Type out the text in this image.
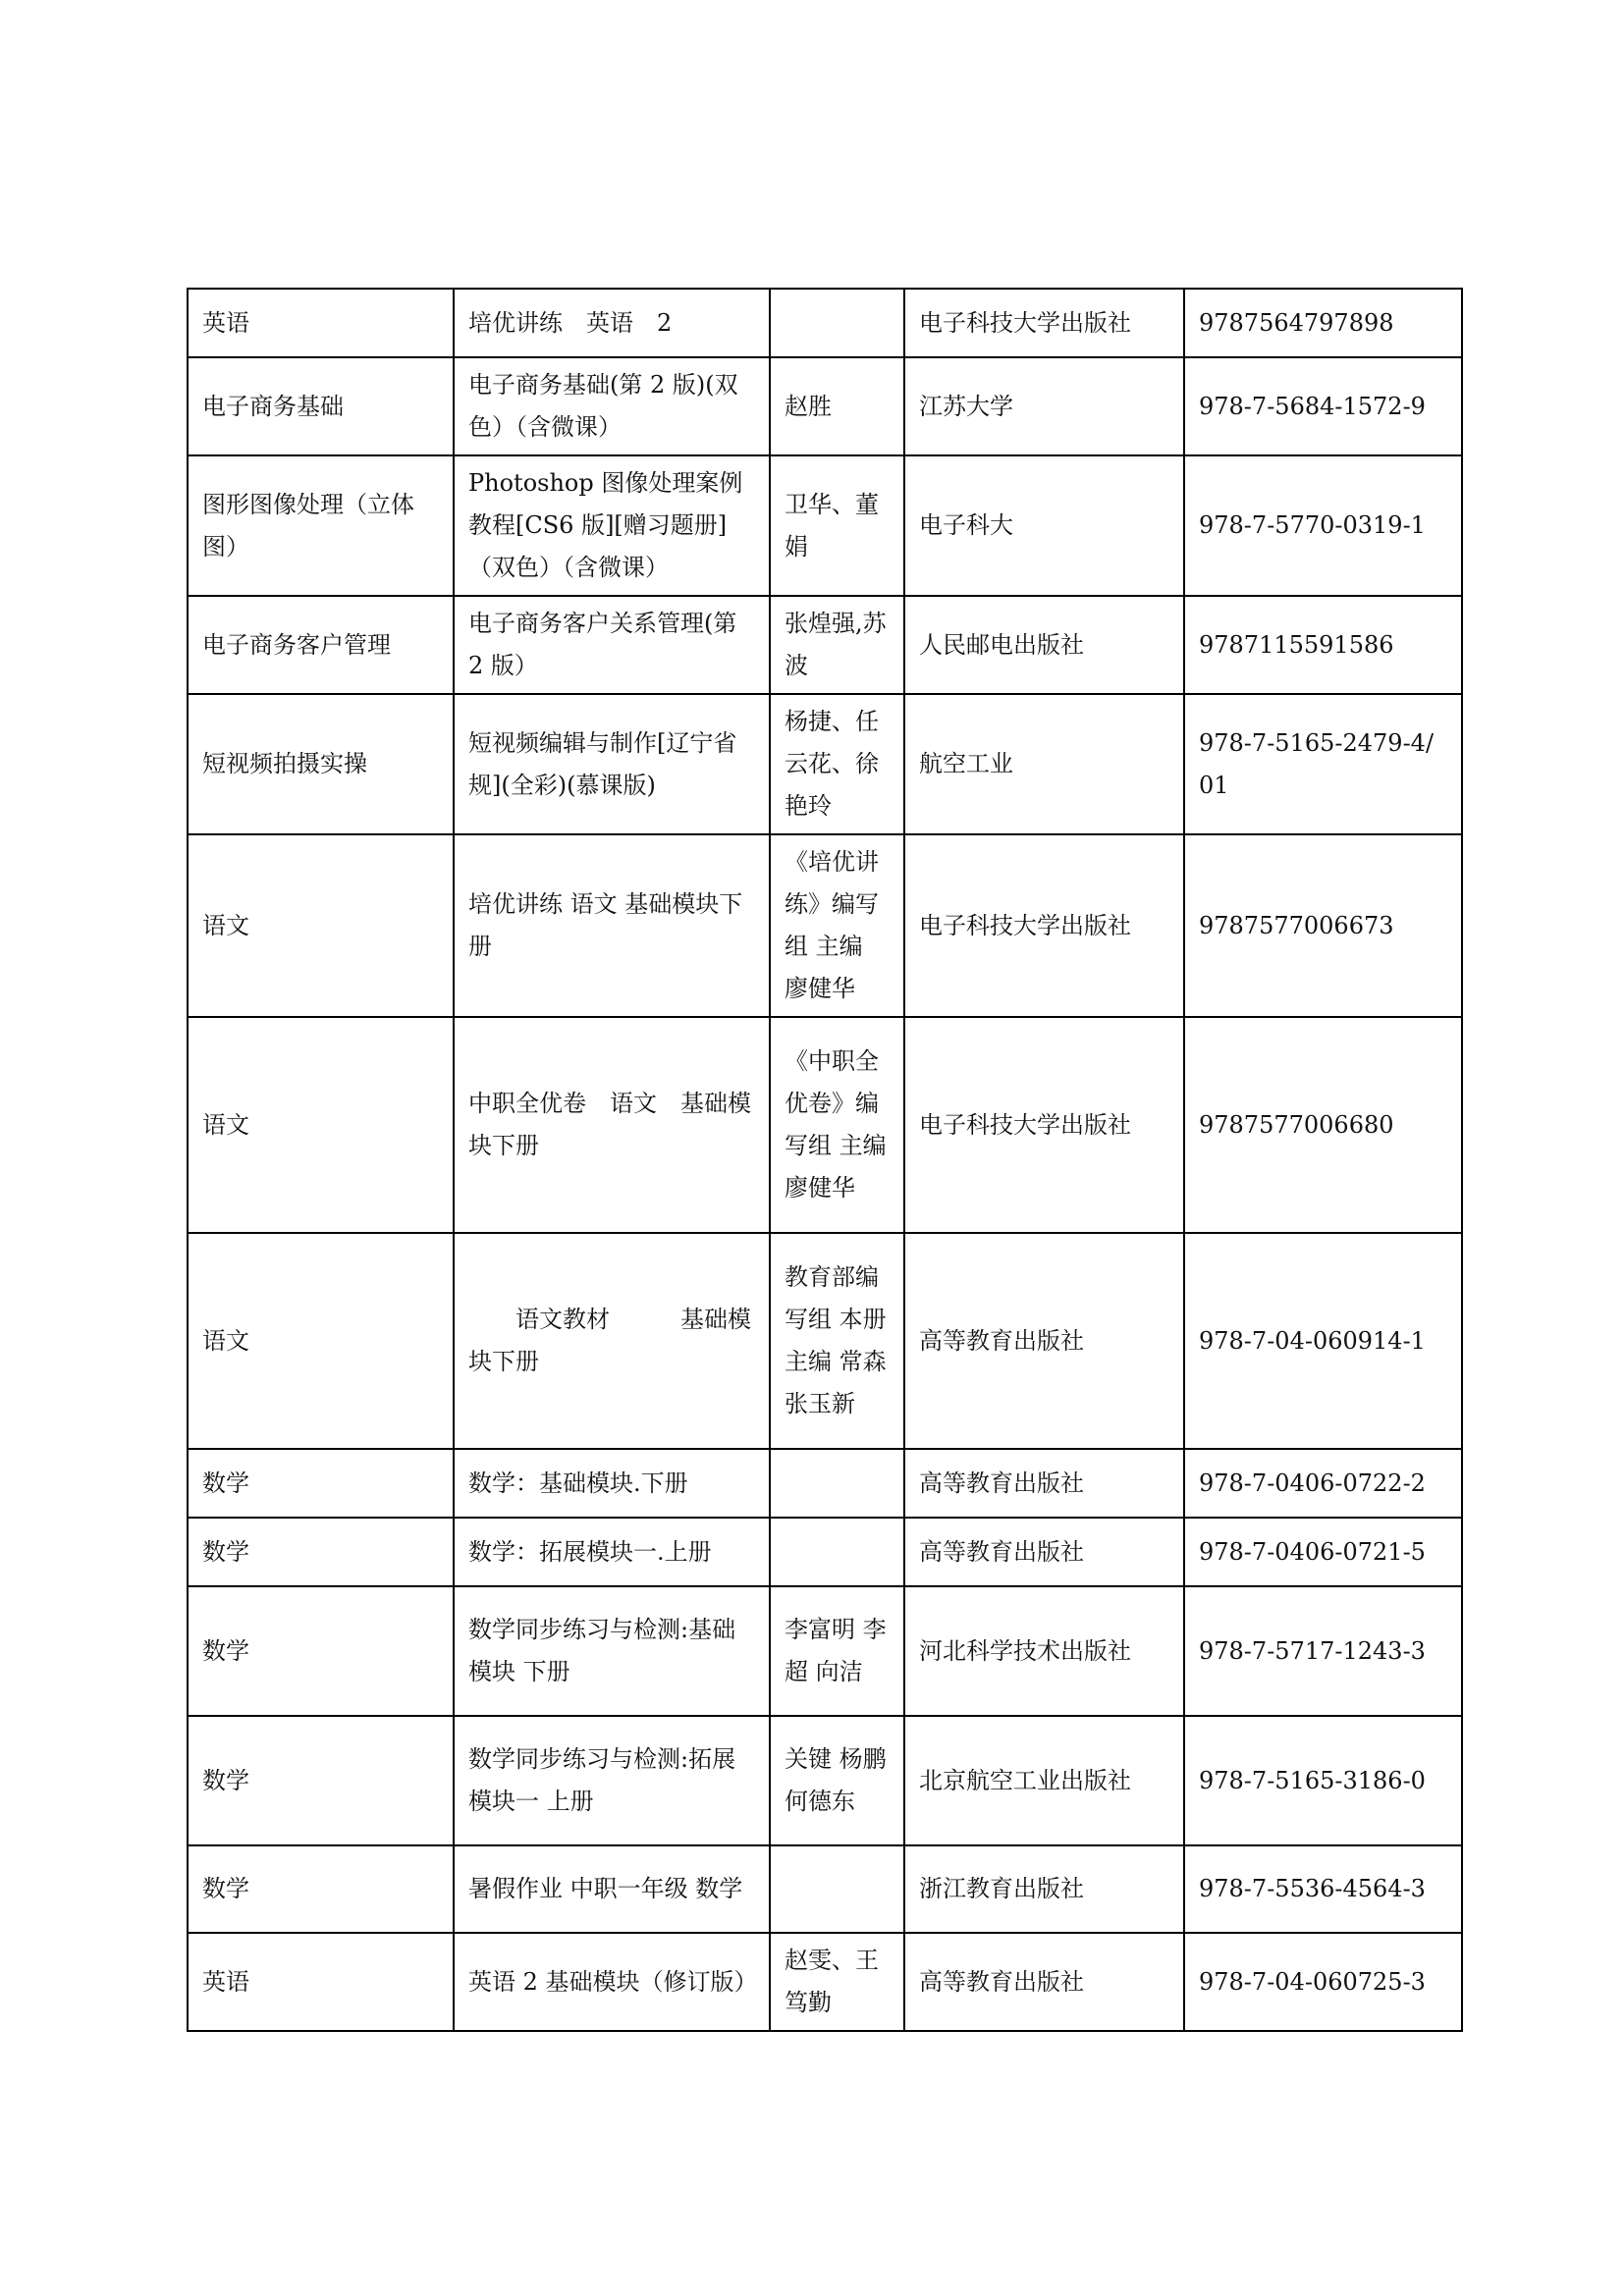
英语	培优讲练　英语　2		电子科技大学出版社	9787564797898
电子商务基础	电子商务基础(第 2 版)(双色）（含微课）	赵胜	江苏大学	978-7-5684-1572-9
图形图像处理（立体图）	Photoshop 图像处理案例教程[CS6 版][赠习题册]（双色）（含微课）	卫华、董娟	电子科大	978-7-5770-0319-1
电子商务客户管理	电子商务客户关系管理(第 2 版）	张煌强,苏波	人民邮电出版社	9787115591586
短视频拍摄实操	短视频编辑与制作[辽宁省规](全彩)(慕课版)	杨捷、任云花、徐艳玲	航空工业	978-7-5165-2479-4/01
语文	培优讲练 语文 基础模块下册	《培优讲练》编写组 主编 廖健华	电子科技大学出版社	9787577006673
语文	中职全优卷　语文　基础模块下册	《中职全优卷》编写组 主编 廖健华	电子科技大学出版社	9787577006680
语文	　　语文教材　　　基础模块下册	教育部编写组 本册主编 常森 张玉新	高等教育出版社	978-7-04-060914-1
数学	数学：基础模块.下册		高等教育出版社	978-7-0406-0722-2
数学	数学：拓展模块一.上册		高等教育出版社	978-7-0406-0721-5
数学	数学同步练习与检测:基础模块 下册	李富明 李超 向洁	河北科学技术出版社	978-7-5717-1243-3
数学	数学同步练习与检测:拓展模块一 上册	关键 杨鹏 何德东	北京航空工业出版社	978-7-5165-3186-0
数学	暑假作业 中职一年级 数学		浙江教育出版社	978-7-5536-4564-3
英语	英语 2 基础模块（修订版）	赵雯、王笃勤	高等教育出版社	978-7-04-060725-3
